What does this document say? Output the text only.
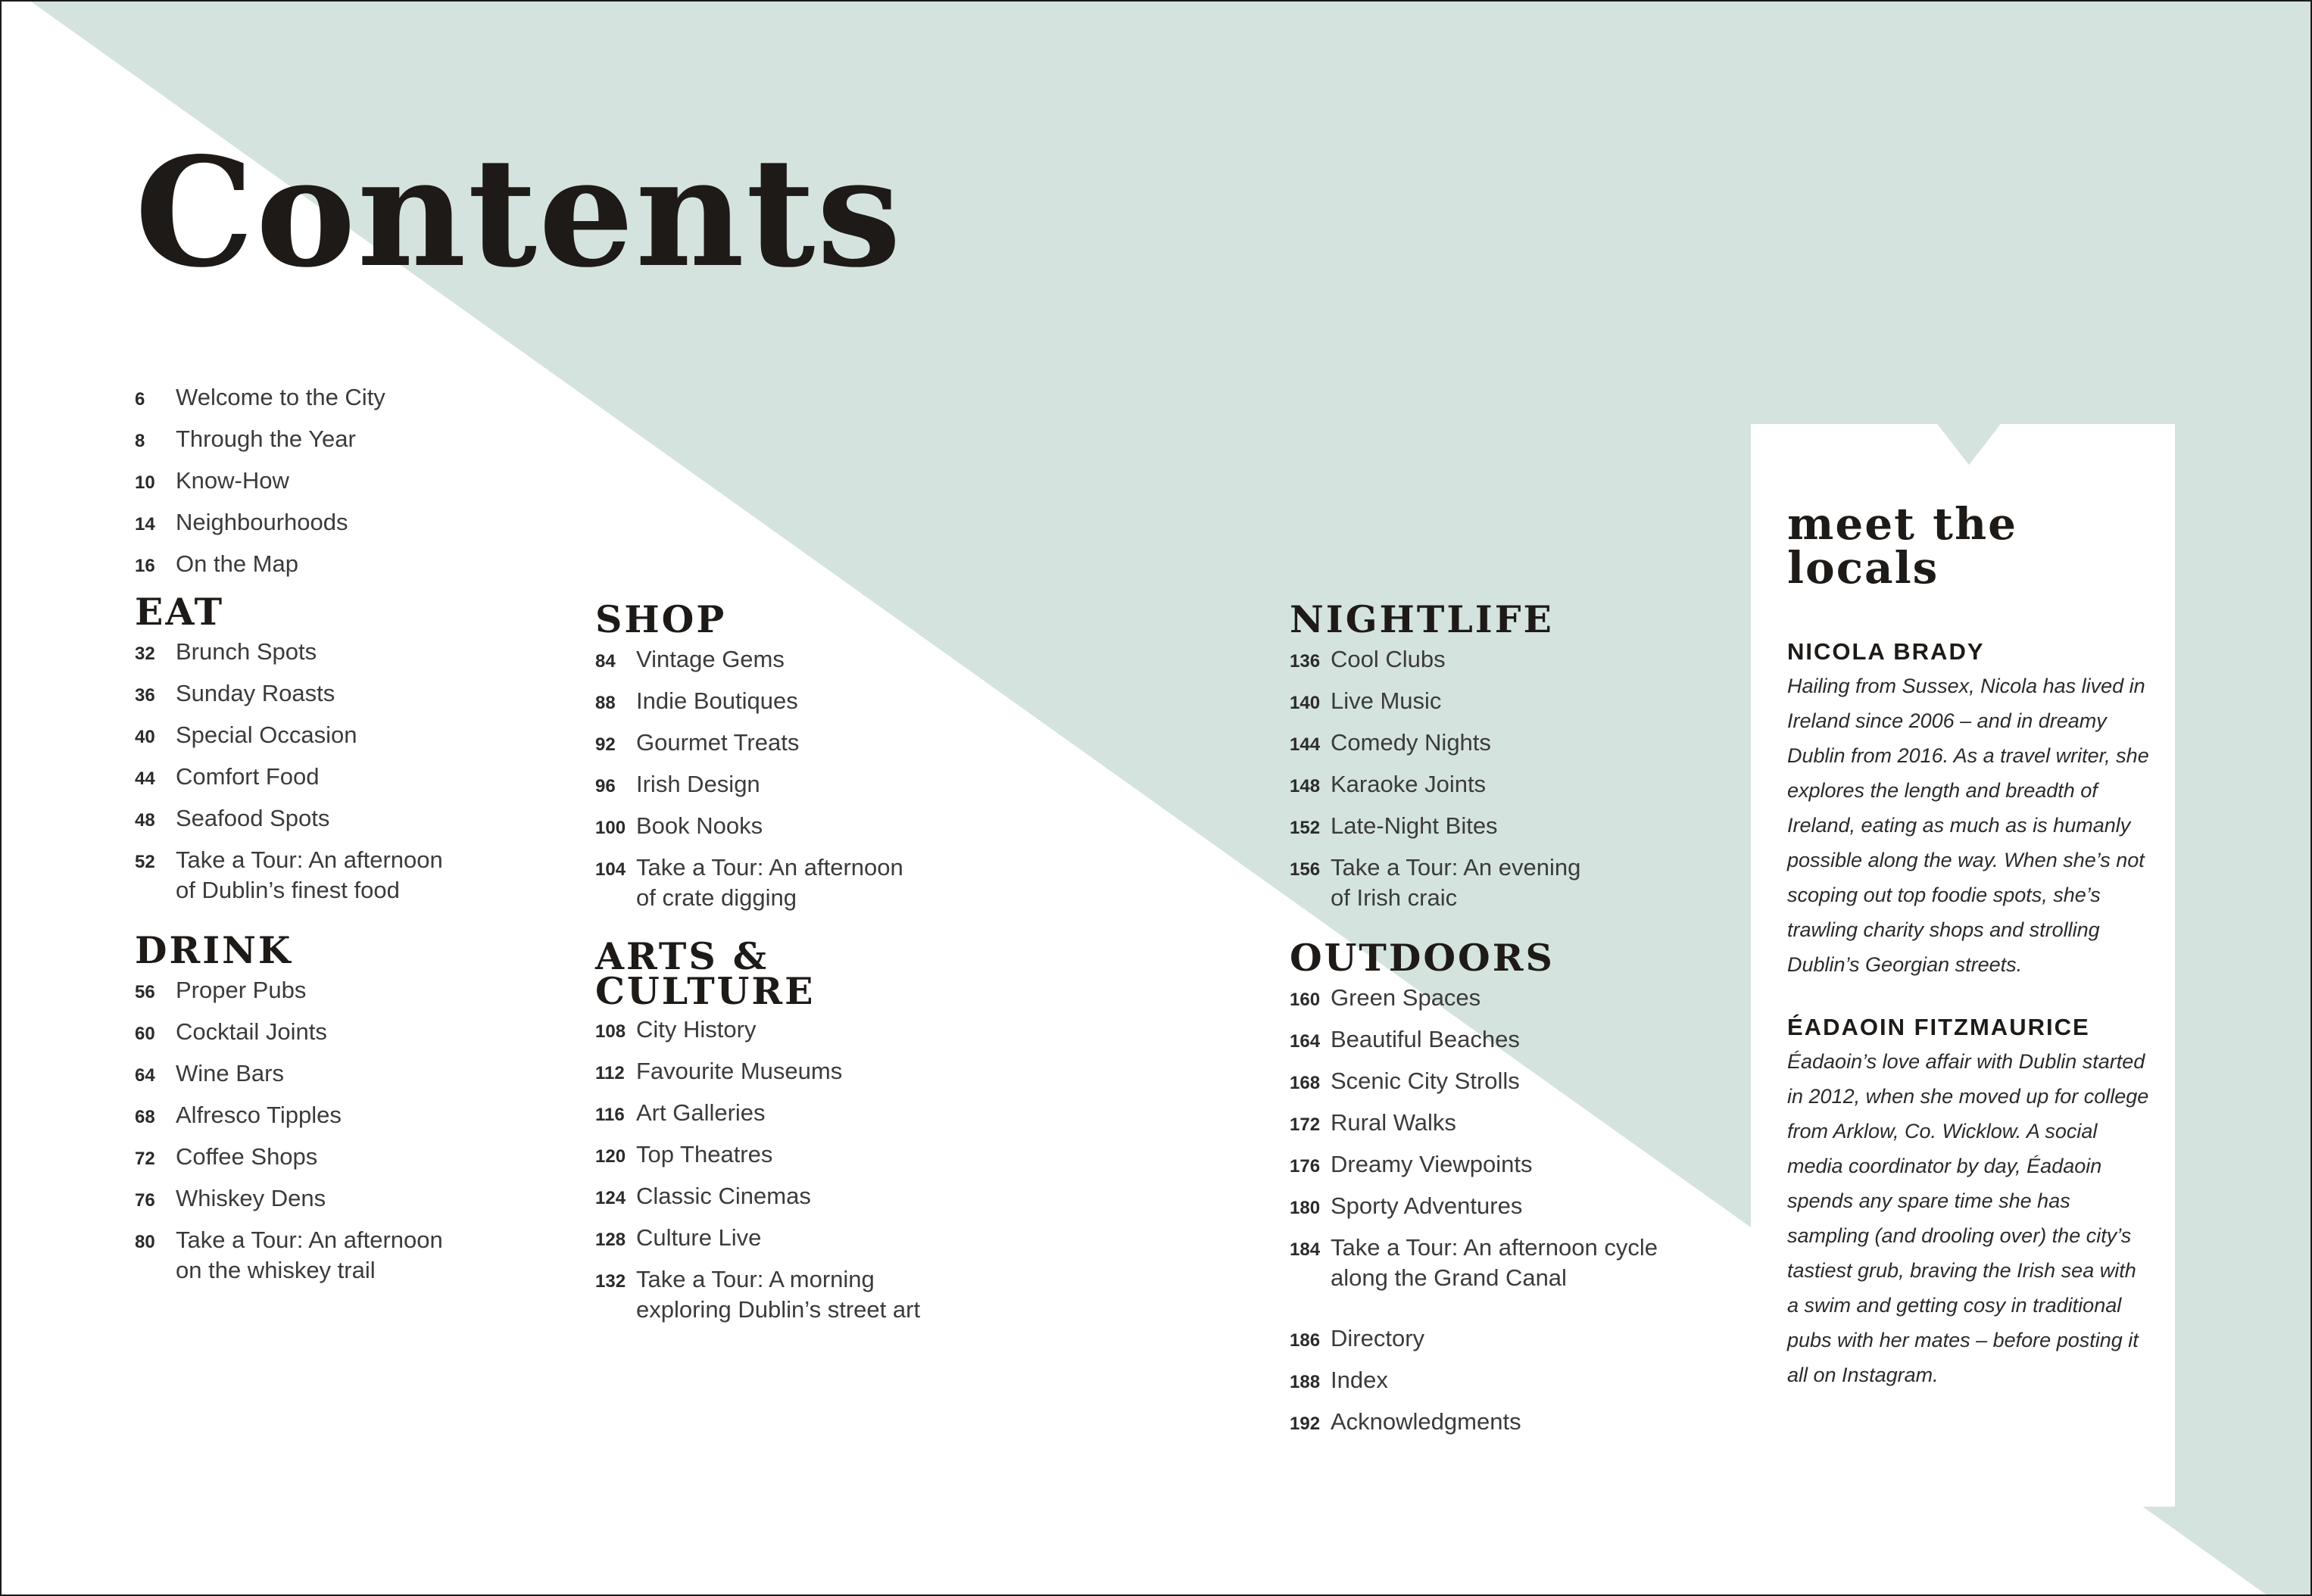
Contents
6	Welcome to the City
8	Through the Year
10 Know-How
14 Neighbourhoods
16 On the Map
EAT
32 Brunch Spots
36 Sunday Roasts
40 Special Occasion
44 Comfort Food
48 Seafood Spots
52 Take a Tour: An afternoon
of Dublin’s finest food
DRINK
56 Proper Pubs
60 Cocktail Joints
64 Wine Bars
68 Alfresco Tipples
72 Coffee Shops
76 Whiskey Dens
80 Take a Tour: An afternoon
on the whiskey trail
SHOP
84 Vintage Gems
88 Indie Boutiques
92 Gourmet Treats
96 Irish Design
100 Book Nooks
104 Take a Tour: An afternoon
of crate digging
ARTS &
CULTURE
108 City History
112 Favourite Museums
116 Art Galleries
120 Top Theatres
124 Classic Cinemas
128 Culture Live
132 Take a Tour: A morning
exploring Dublin’s street art
NIGHTLIFE
136 Cool Clubs
140 Live Music
144 Comedy Nights
148 Karaoke Joints
152 Late-Night Bites
156 Take a Tour: An evening
of Irish craic
OUTDOORS
160 Green Spaces
164 Beautiful Beaches
168 Scenic City Strolls
172 Rural Walks
176 Dreamy Viewpoints
180 Sporty Adventures
184 Take a Tour: An afternoon cycle
along the Grand Canal
186 Directory
188 Index
192 Acknowledgments
meet the
locals
NICOLA BRADY

Hailing from Sussex, Nicola has lived in Ireland since 2006 – and in dreamy Dublin from 2016. As a travel writer, she explores the length and breadth of Ireland, eating as much as is humanly possible along the way. When she’s not scoping out top foodie spots, she’s trawling charity shops and strolling Dublin’s Georgian streets.

ÉADAOIN FITZMAURICE

Éadaoin’s love affair with Dublin started in 2012, when she moved up for college from Arklow, Co. Wicklow. A social media coordinator by day, Éadaoin spends any spare time she has sampling (and drooling over) the city’s tastiest grub, braving the Irish sea with a swim and getting cosy in traditional pubs with her mates – before posting it all on Instagram.
